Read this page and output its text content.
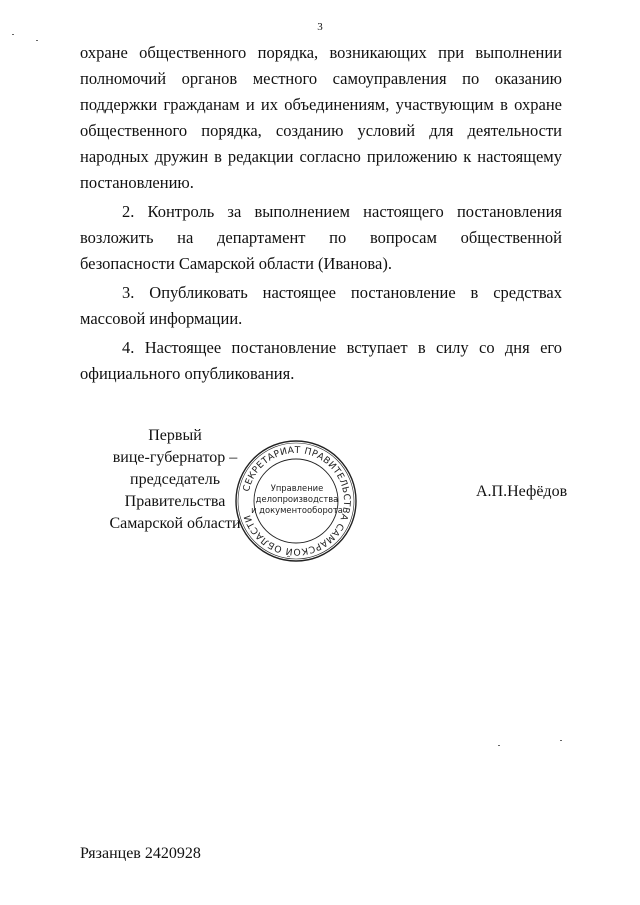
3

охране общественного порядка, возникающих при выполнении полномочий органов местного самоуправления по оказанию поддержки гражданам и их объединениям, участвующим в охране общественного порядка, созданию условий для деятельности народных дружин в редакции согласно приложению к настоящему постановлению.

2. Контроль за выполнением настоящего постановления возложить на департамент по вопросам общественной безопасности Самарской области (Иванова).

3. Опубликовать настоящее постановление в средствах массовой информации.

4. Настоящее постановление вступает в силу со дня его официального опубликования.

Первый
вице-губернатор –
председатель Правительства
Самарской области
СЕКРЕТАРИАТ ПРАВИТЕЛЬСТВА САМАРСКОЙ ОБЛАСТИ
Управление
делопроизводства
и документооборота
А.П.Нефёдов
Рязанцев 2420928
